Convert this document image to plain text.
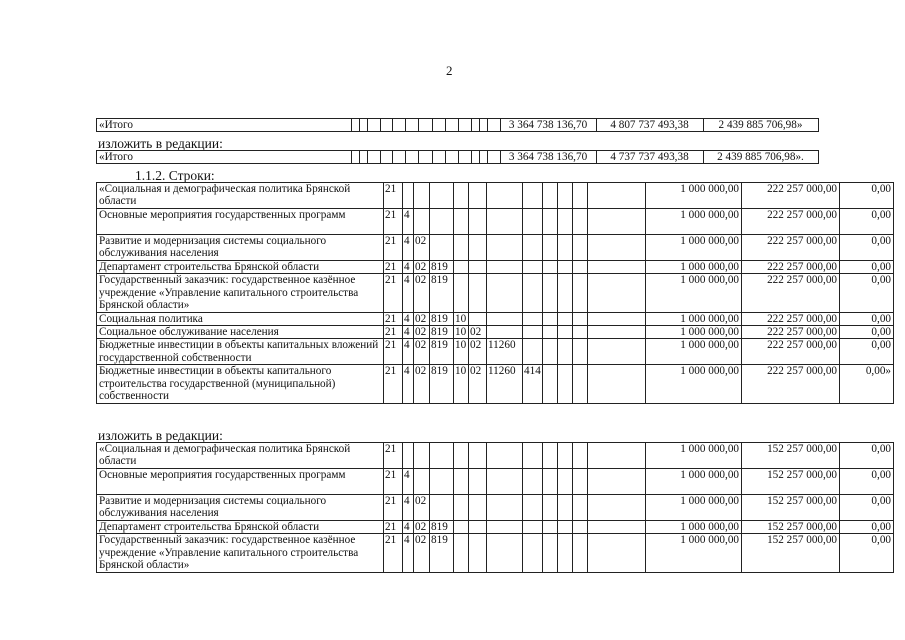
2
«Итого														3 364 738 136,70	4 807 737 493,38	2 439 885 706,98»
изложить в редакции:
«Итого														3 364 738 136,70	4 737 737 493,38	2 439 885 706,98».
1.1.2. Строки:
«Социальная и демографическая политика Брянской области	21												1 000 000,00	222 257 000,00	0,00
Основные мероприятия государственных программ	21	4											1 000 000,00	222 257 000,00	0,00
Развитие и модернизация системы социального обслуживания населения	21	4	02										1 000 000,00	222 257 000,00	0,00
Департамент строительства Брянской области	21	4	02	819									1 000 000,00	222 257 000,00	0,00
Государственный заказчик: государственное казённое учреждение «Управление капитального строительства Брянской области»	21	4	02	819									1 000 000,00	222 257 000,00	0,00
Социальная политика	21	4	02	819	10								1 000 000,00	222 257 000,00	0,00
Социальное обслуживание населения	21	4	02	819	10	02							1 000 000,00	222 257 000,00	0,00
Бюджетные инвестиции в объекты капитальных вложений государственной собственности	21	4	02	819	10	02	11260						1 000 000,00	222 257 000,00	0,00
Бюджетные инвестиции в объекты капитального строительства государственной (муниципальной) собственности	21	4	02	819	10	02	11260	414					1 000 000,00	222 257 000,00	0,00»
изложить в редакции:
«Социальная и демографическая политика Брянской области	21												1 000 000,00	152 257 000,00	0,00
Основные мероприятия государственных программ	21	4											1 000 000,00	152 257 000,00	0,00
Развитие и модернизация системы социального обслуживания населения	21	4	02										1 000 000,00	152 257 000,00	0,00
Департамент строительства Брянской области	21	4	02	819									1 000 000,00	152 257 000,00	0,00
Государственный заказчик: государственное казённое учреждение «Управление капитального строительства Брянской области»	21	4	02	819									1 000 000,00	152 257 000,00	0,00
